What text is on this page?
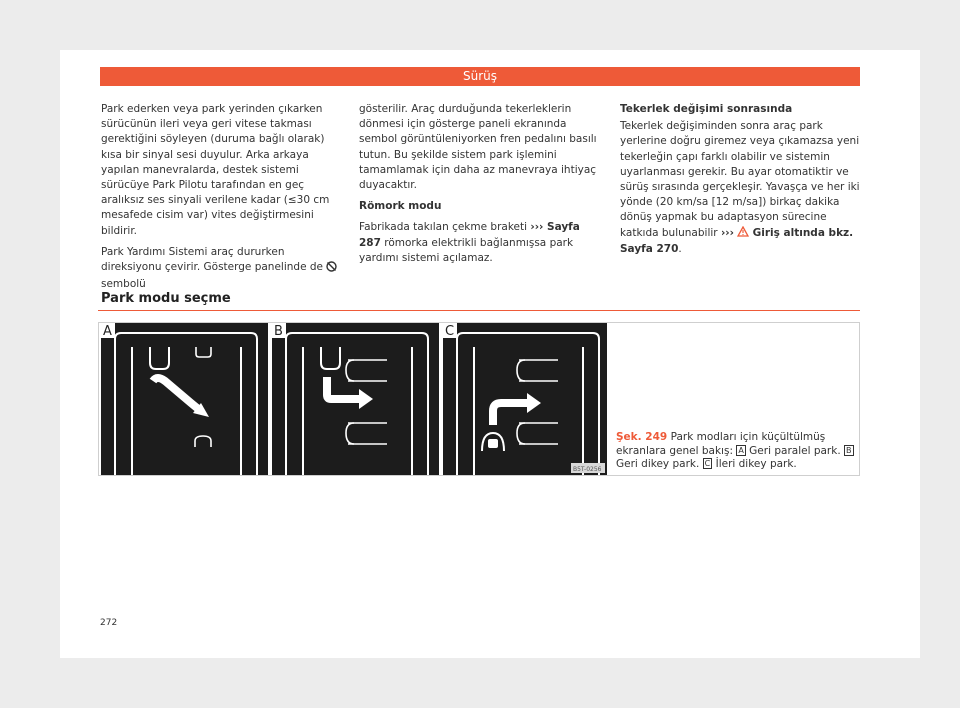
Sürüş

Park ederken veya park yerinden çıkarken sürücünün ileri veya geri vitese takması gerektiğini söyleyen (duruma bağlı olarak) kısa bir sinyal sesi duyulur. Arka arkaya yapılan manevralarda, destek sistemi sürücüye Park Pilotu tarafından en geç aralıksız ses sinyali verilene kadar (≤30 cm mesafede cisim var) vites değiştirmesini bildirir.

Park Yardımı Sistemi araç dururken direksiyonu çevirir. Gösterge panelinde de  sembolü

gösterilir. Araç durduğunda tekerleklerin dönmesi için gösterge paneli ekranında sembol görüntüleniyorken fren pedalını basılı tutun. Bu şekilde sistem park işlemini tamamlamak için daha az manevraya ihtiyaç duyacaktır.

Römork modu

Fabrikada takılan çekme braketi ››› Sayfa 287 römorka elektrikli bağlanmışsa park yardımı sistemi açılamaz.

Tekerlek değişimi sonrasında

Tekerlek değişiminden sonra araç park yerlerine doğru giremez veya çıkamazsa yeni tekerleğin çapı farklı olabilir ve sistemin uyarlanması gerekir. Bu ayar otomatiktir ve sürüş sırasında gerçekleşir. Yavaşça ve her iki yönde (20 km/sa [12 m/sa]) birkaç dakika dönüş yapmak bu adaptasyon sürecine katkıda bulunabilir ››› Giriş altında bkz. Sayfa 270.

Park modu seçme
A	B	C
B5T-0256
Şek. 249 Park modları için küçültülmüş ekranlara genel bakış: A Geri paralel park. B Geri dikey park. C İleri dikey park.
272
